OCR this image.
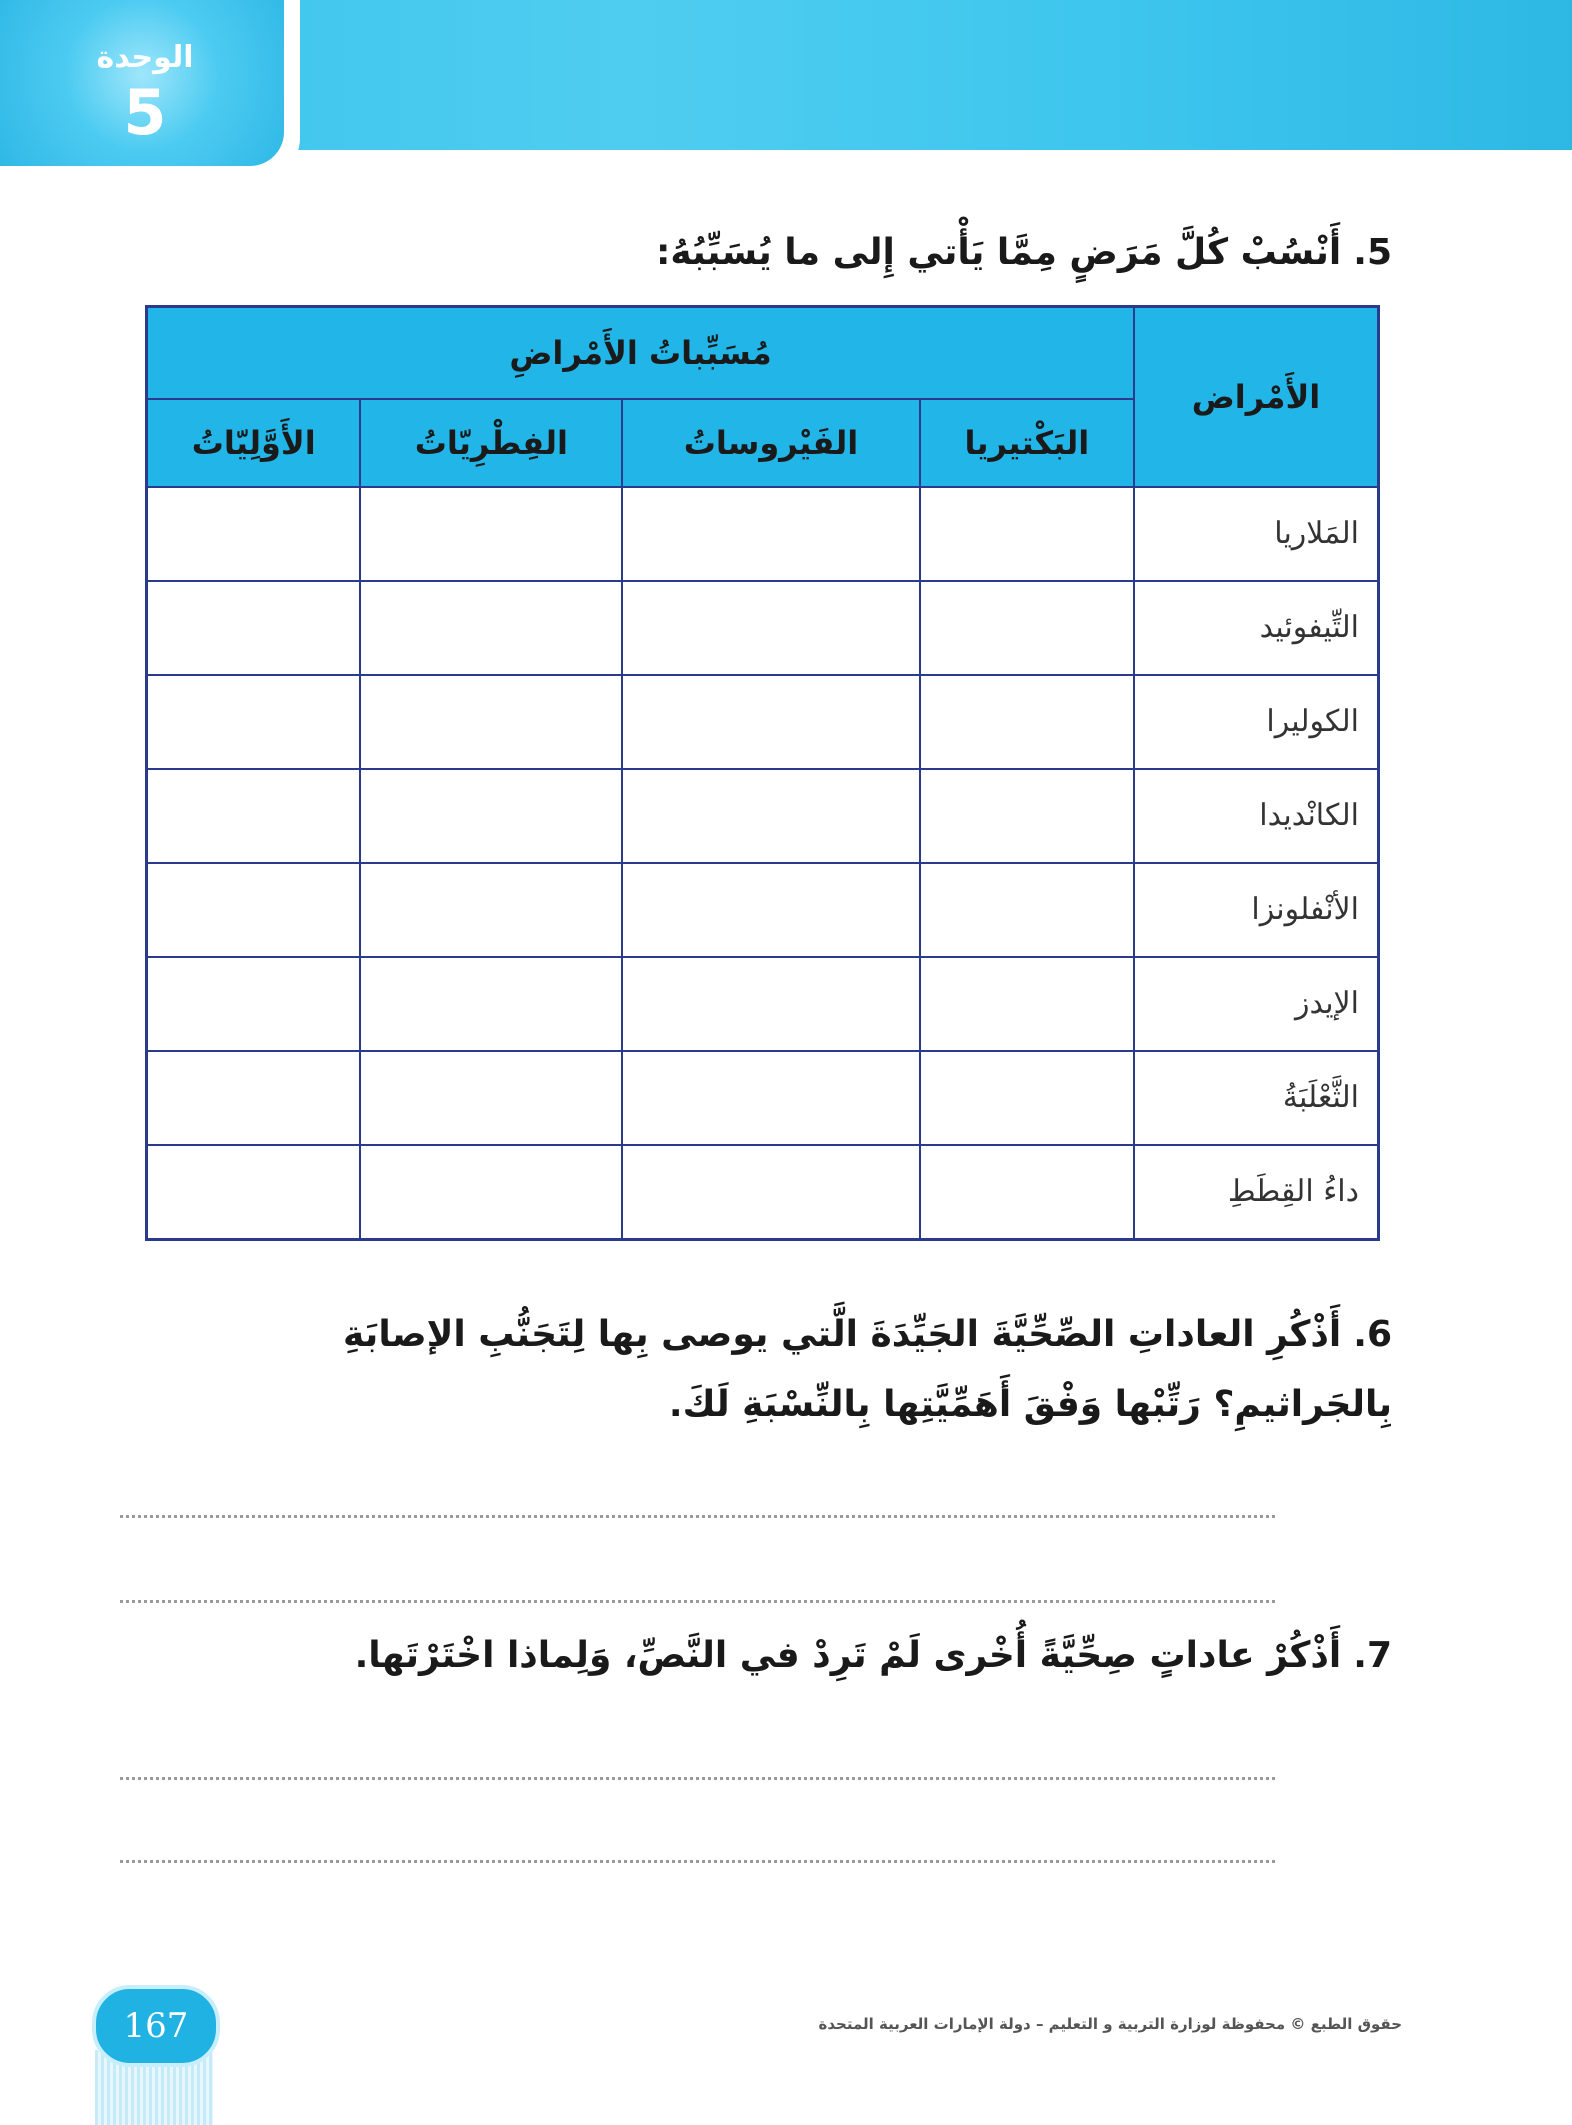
الوحدة
5
5.أَنْسُبْ كُلَّ مَرَضٍ مِمَّا يَأْتي إِلى ما يُسَبِّبُهُ:
الأَمْراض	مُسَبِّباتُ الأَمْراضِ			
	البَكْتيريا	الفَيْروساتُ	الفِطْرِيّاتُ	الأَوَّلِيّاتُ
المَلاريا				
التِّيفوئيد				
الكوليرا				
الكانْديدا				
الأنْفلونزا				
الإيدز				
الثَّعْلَبَةُ				
داءُ القِطَطِ				
6.أَذْكُرِ العاداتِ الصِّحِّيَّةَ الجَيِّدَةَ الَّتي يوصى بِها لِتَجَنُّبِ الإصابَةِ بِالجَراثيمِ؟ رَتِّبْها وَفْقَ أَهَمِّيَّتِها بِالنِّسْبَةِ لَكَ.
7.أَذْكُرْ عاداتٍ صِحِّيَّةً أُخْرى لَمْ تَرِدْ في النَّصِّ، وَلِماذا اخْتَرْتَها.
167	حقوق الطبع © محفوظة لوزارة التربية و التعليم – دولة الإمارات العربية المتحدة
